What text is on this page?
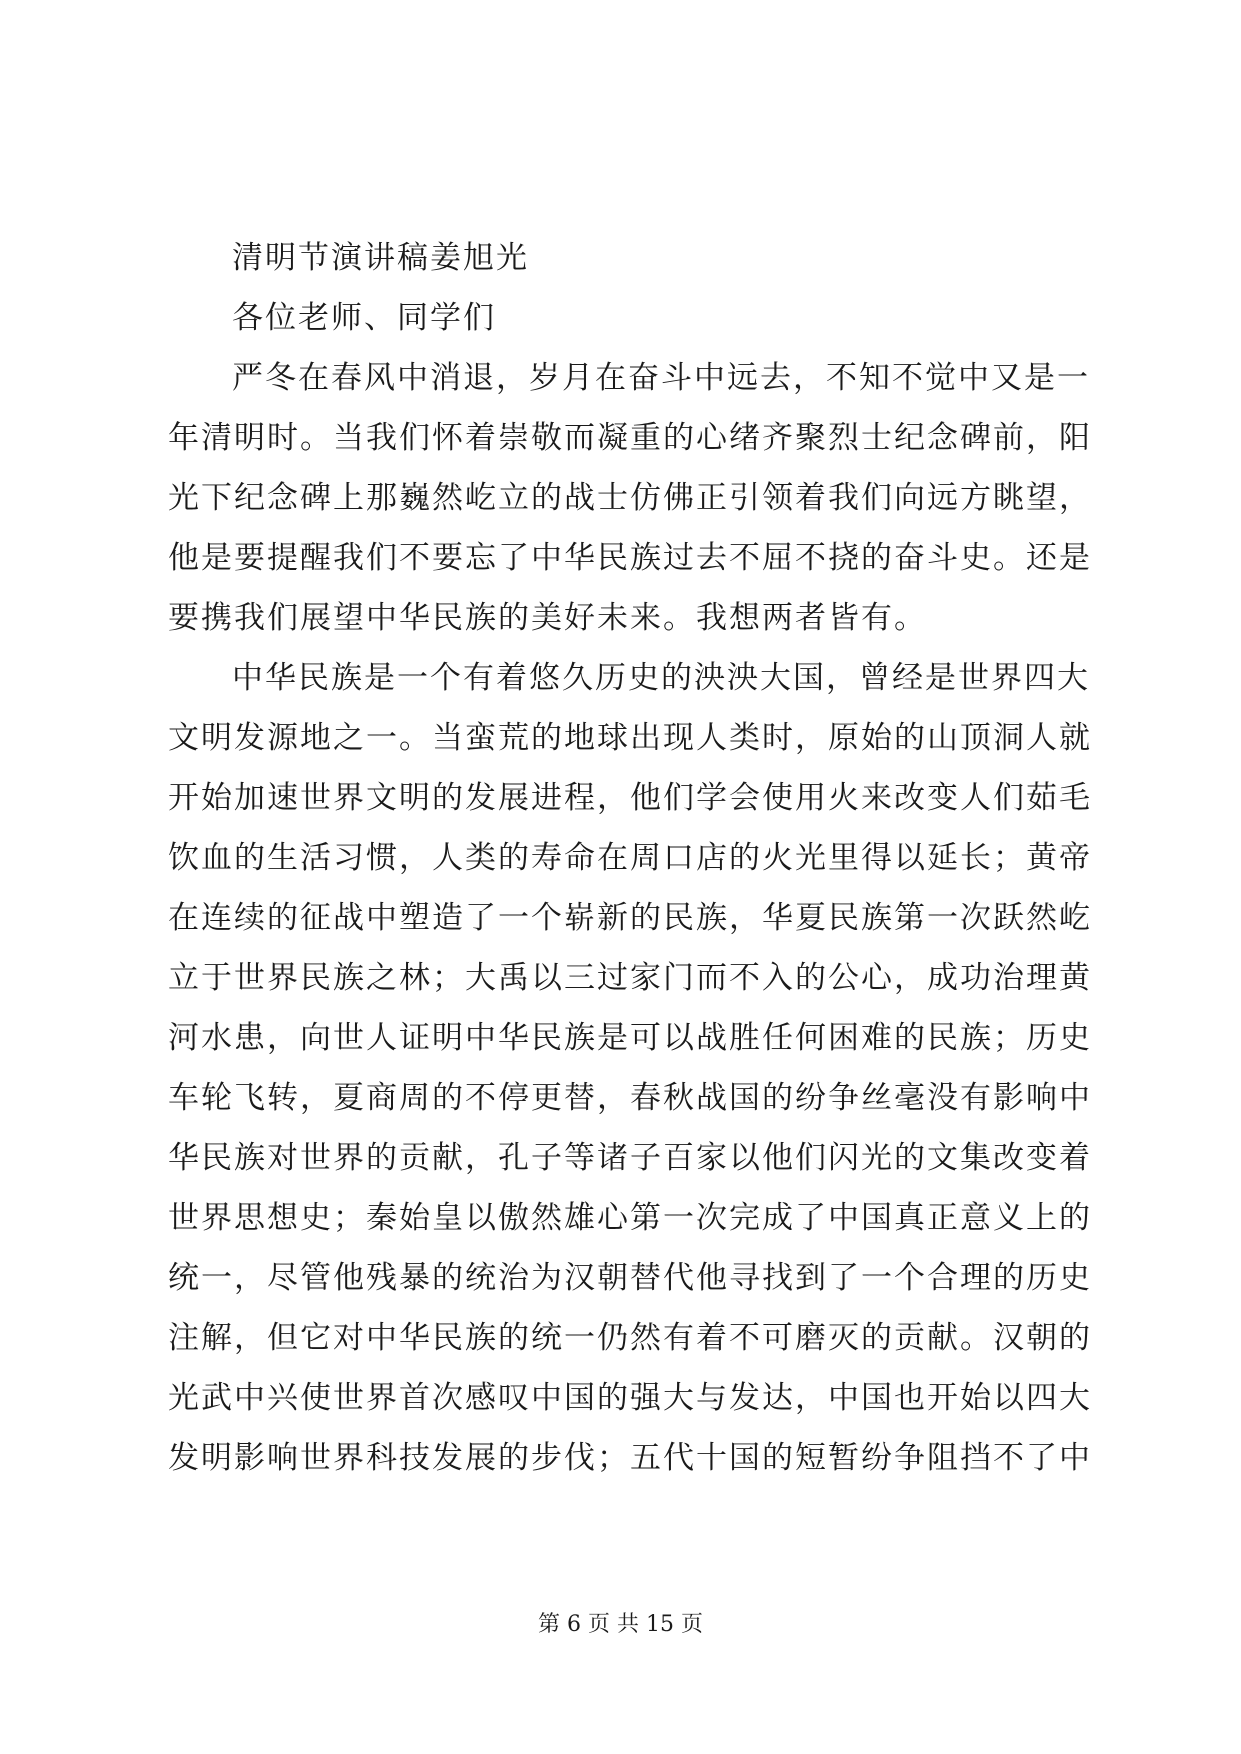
清明节演讲稿姜旭光
各位老师、同学们
严冬在春风中消退，岁月在奋斗中远去，不知不觉中又是一
年清明时。当我们怀着崇敬而凝重的心绪齐聚烈士纪念碑前，阳
光下纪念碑上那巍然屹立的战士仿佛正引领着我们向远方眺望，
他是要提醒我们不要忘了中华民族过去不屈不挠的奋斗史。还是
要携我们展望中华民族的美好未来。我想两者皆有。
中华民族是一个有着悠久历史的泱泱大国，曾经是世界四大
文明发源地之一。当蛮荒的地球出现人类时，原始的山顶洞人就
开始加速世界文明的发展进程，他们学会使用火来改变人们茹毛
饮血的生活习惯，人类的寿命在周口店的火光里得以延长；黄帝
在连续的征战中塑造了一个崭新的民族，华夏民族第一次跃然屹
立于世界民族之林；大禹以三过家门而不入的公心，成功治理黄
河水患，向世人证明中华民族是可以战胜任何困难的民族；历史
车轮飞转，夏商周的不停更替，春秋战国的纷争丝毫没有影响中
华民族对世界的贡献，孔子等诸子百家以他们闪光的文集改变着
世界思想史；秦始皇以傲然雄心第一次完成了中国真正意义上的
统一，尽管他残暴的统治为汉朝替代他寻找到了一个合理的历史
注解，但它对中华民族的统一仍然有着不可磨灭的贡献。汉朝的
光武中兴使世界首次感叹中国的强大与发达，中国也开始以四大
发明影响世界科技发展的步伐；五代十国的短暂纷争阻挡不了中
第 6 页 共 15 页
